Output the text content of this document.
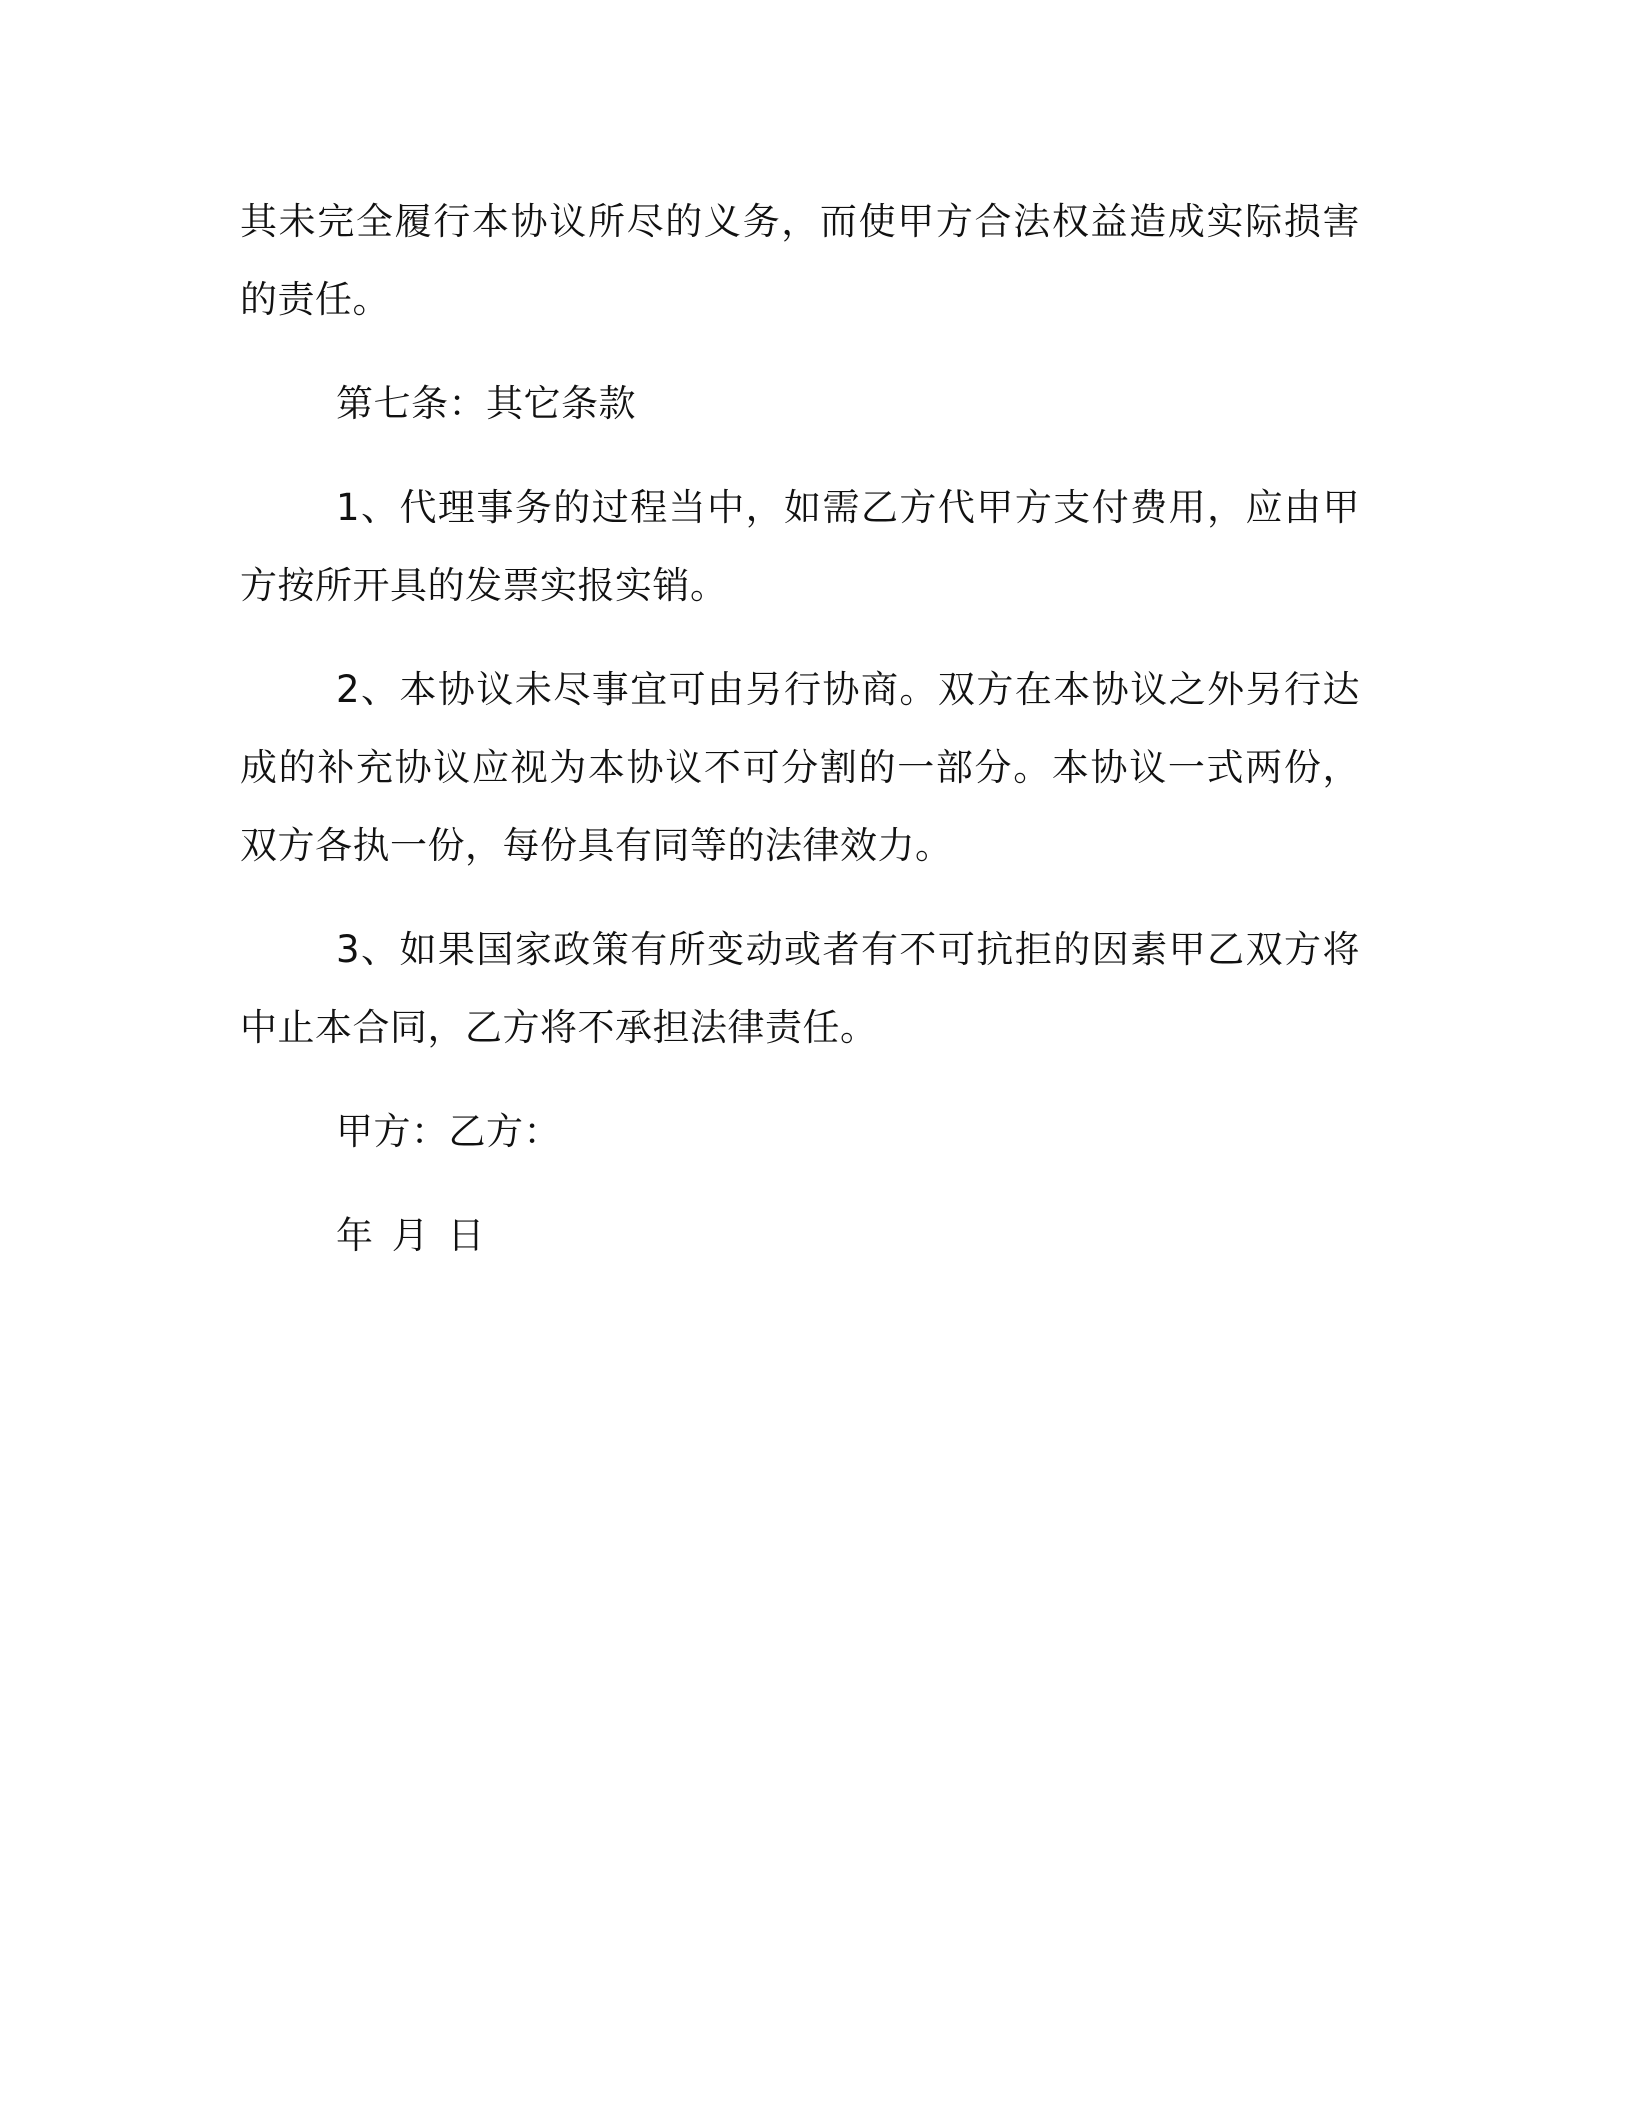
其未完全履行本协议所尽的义务，而使甲方合法权益造成实际损害的责任。

第七条：其它条款

1、代理事务的过程当中，如需乙方代甲方支付费用，应由甲方按所开具的发票实报实销。

2、本协议未尽事宜可由另行协商。双方在本协议之外另行达成的补充协议应视为本协议不可分割的一部分。本协议一式两份，双方各执一份，每份具有同等的法律效力。

3、如果国家政策有所变动或者有不可抗拒的因素甲乙双方将中止本合同，乙方将不承担法律责任。

甲方：乙方：

年 月 日
